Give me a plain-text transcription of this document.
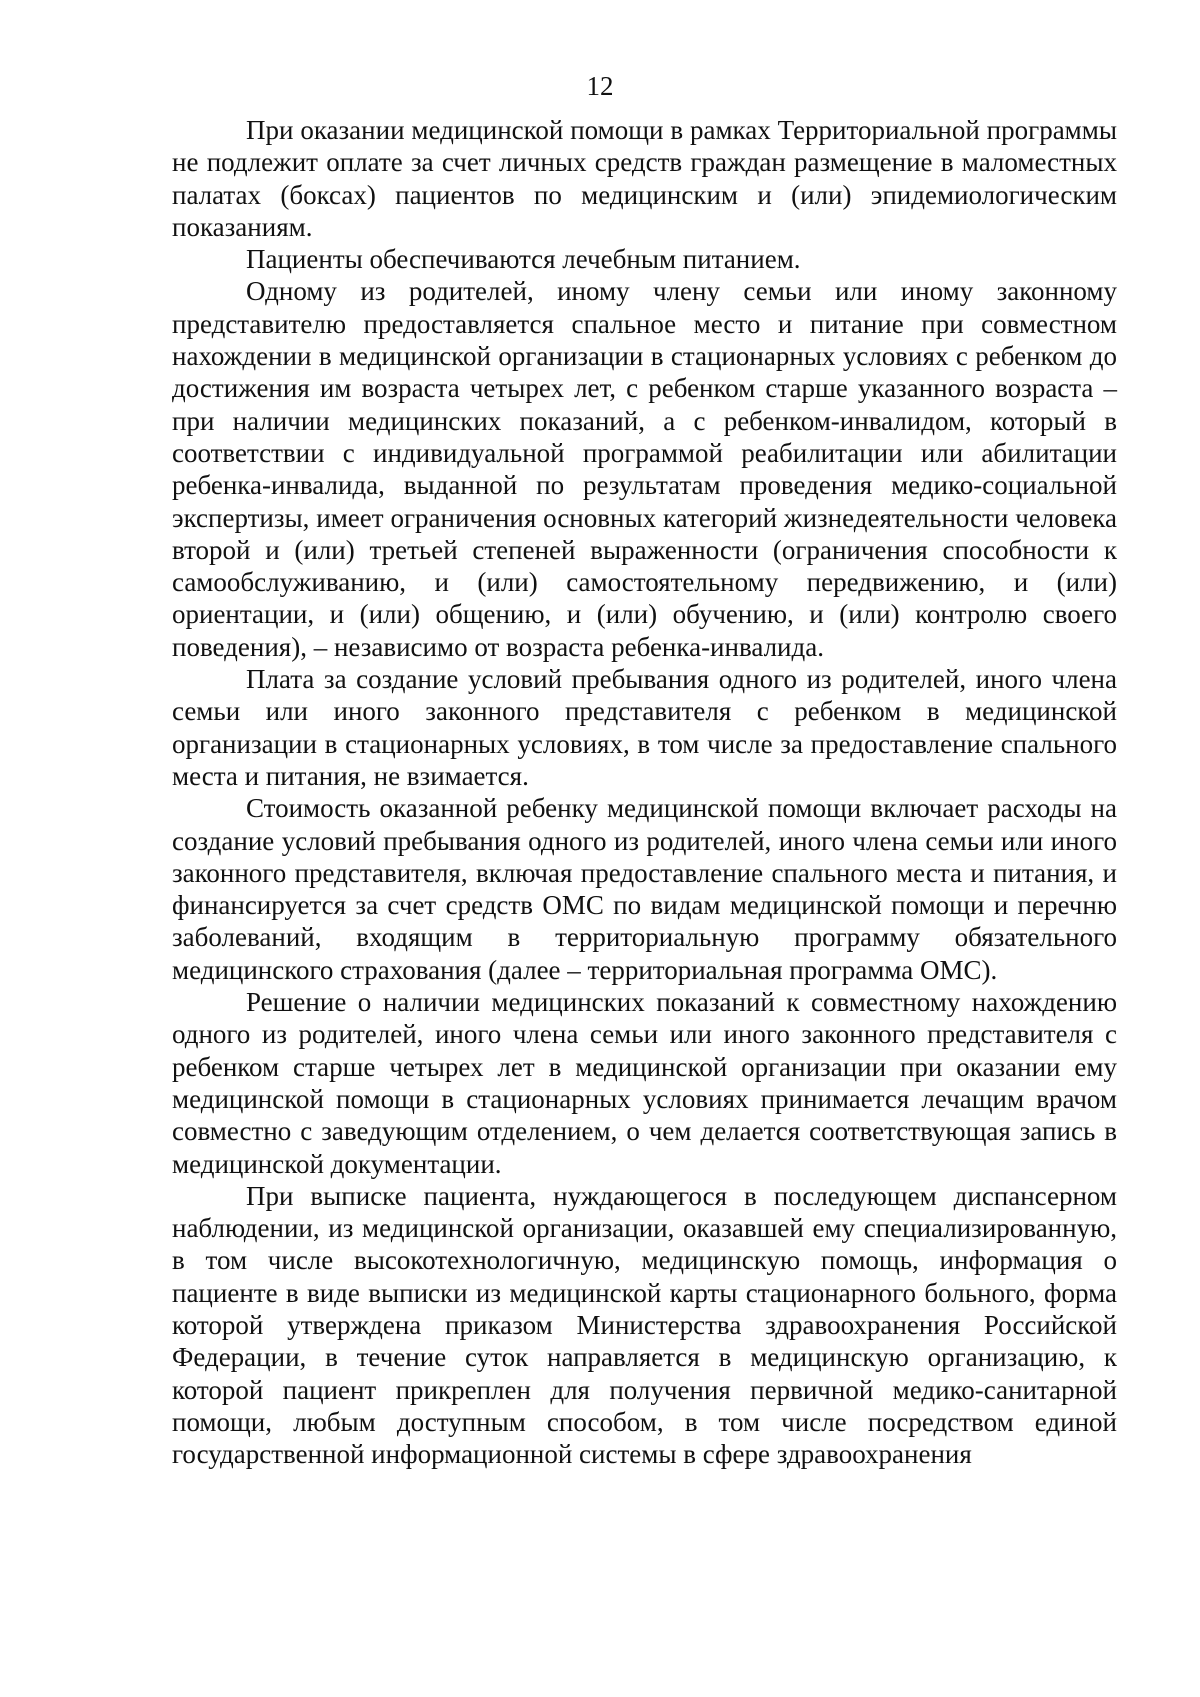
12

При оказании медицинской помощи в рамках Территориальной программы не подлежит оплате за счет личных средств граждан размещение в маломестных палатах (боксах) пациентов по медицинским и (или) эпидемиологическим показаниям.

Пациенты обеспечиваются лечебным питанием.

Одному из родителей, иному члену семьи или иному законному представителю предоставляется спальное место и питание при совместном нахождении в медицинской организации в стационарных условиях с ребенком до достижения им возраста четырех лет, с ребенком старше указанного возраста – при наличии медицинских показаний, а с ребенком-инвалидом, который в соответствии с индивидуальной программой реабилитации или абилитации ребенка-инвалида, выданной по результатам проведения медико-социальной экспертизы, имеет ограничения основных категорий жизнедеятельности человека второй и (или) третьей степеней выраженности (ограничения способности к самообслуживанию, и (или) самостоятельному передвижению, и (или) ориентации, и (или) общению, и (или) обучению, и (или) контролю своего поведения), – независимо от возраста ребенка-инвалида.

Плата за создание условий пребывания одного из родителей, иного члена семьи или иного законного представителя с ребенком в медицинской организации в стационарных условиях, в том числе за предоставление спального места и питания, не взимается.

Стоимость оказанной ребенку медицинской помощи включает расходы на создание условий пребывания одного из родителей, иного члена семьи или иного законного представителя, включая предоставление спального места и питания, и финансируется за счет средств ОМС по видам медицинской помощи и перечню заболеваний, входящим в территориальную программу обязательного медицинского страхования (далее – территориальная программа ОМС).

Решение о наличии медицинских показаний к совместному нахождению одного из родителей, иного члена семьи или иного законного представителя с ребенком старше четырех лет в медицинской организации при оказании ему медицинской помощи в стационарных условиях принимается лечащим врачом совместно с заведующим отделением, о чем делается соответствующая запись в медицинской документации.

При выписке пациента, нуждающегося в последующем диспансерном наблюдении, из медицинской организации, оказавшей ему специализированную, в том числе высокотехнологичную, медицинскую помощь, информация о пациенте в виде выписки из медицинской карты стационарного больного, форма которой утверждена приказом Министерства здравоохранения Российской Федерации, в течение суток направляется в медицинскую организацию, к которой пациент прикреплен для получения первичной медико-санитарной помощи, любым доступным способом, в том числе посредством единой государственной информационной системы в сфере здравоохранения
